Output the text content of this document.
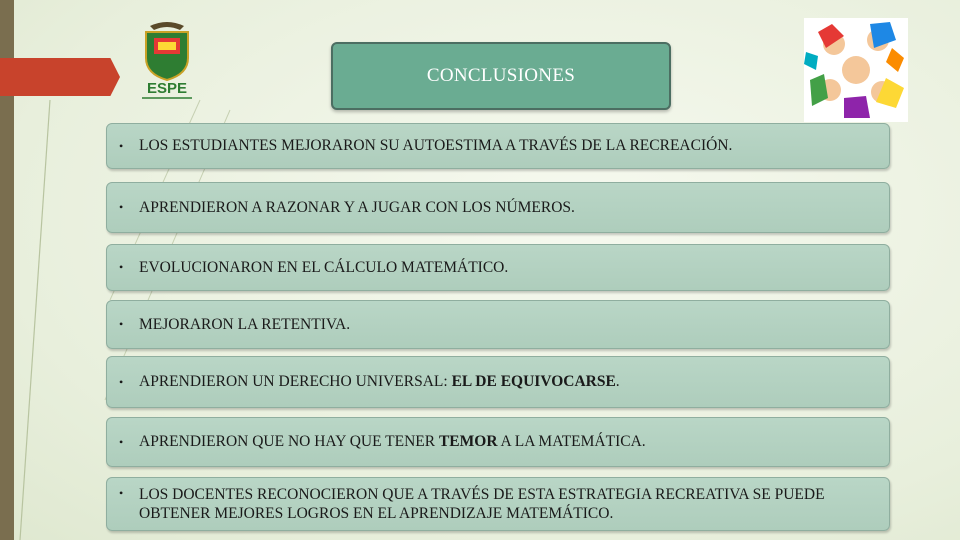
ESPE
CONCLUSIONES
• LOS ESTUDIANTES MEJORARON SU AUTOESTIMA A TRAVÉS DE LA RECREACIÓN.
• APRENDIERON A RAZONAR Y A JUGAR CON LOS NÚMEROS.
• EVOLUCIONARON EN EL CÁLCULO MATEMÁTICO.
• MEJORARON LA RETENTIVA.
• APRENDIERON UN DERECHO UNIVERSAL: EL DE EQUIVOCARSE.
• APRENDIERON QUE NO HAY QUE TENER TEMOR A LA MATEMÁTICA.
• LOS DOCENTES RECONOCIERON QUE A TRAVÉS DE ESTA ESTRATEGIA RECREATIVA SE PUEDE OBTENER MEJORES LOGROS EN EL APRENDIZAJE MATEMÁTICO.
